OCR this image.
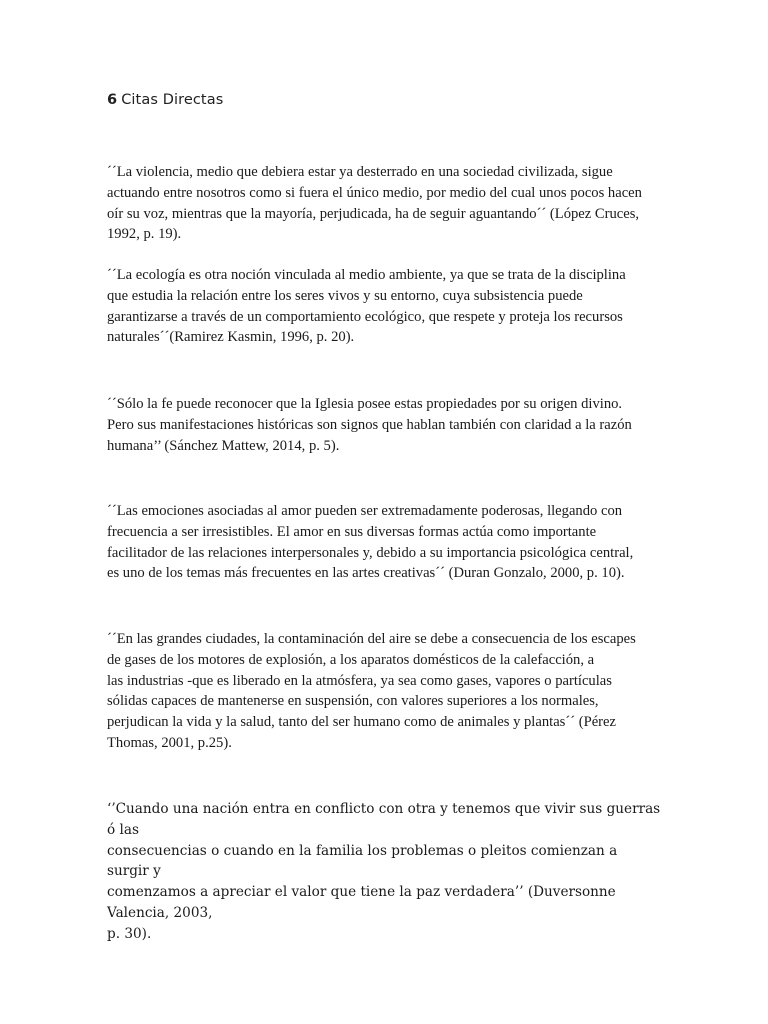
6 Citas Directas

´´La violencia, medio que debiera estar ya desterrado en una sociedad civilizada, sigue
actuando entre nosotros como si fuera el único medio, por medio del cual unos pocos hacen
oír su voz, mientras que la mayoría, perjudicada, ha de seguir aguantando´´ (López Cruces,
1992, p. 19).

´´La ecología es otra noción vinculada al medio ambiente, ya que se trata de la disciplina
que estudia la relación entre los seres vivos y su entorno, cuya subsistencia puede
garantizarse a través de un comportamiento ecológico, que respete y proteja los recursos
naturales´´(Ramirez Kasmin, 1996, p. 20).

´´Sólo la fe puede reconocer que la Iglesia posee estas propiedades por su origen divino.
Pero sus manifestaciones históricas son signos que hablan también con claridad a la razón
humana’’ (Sánchez Mattew, 2014, p. 5).

´´Las emociones asociadas al amor pueden ser extremadamente poderosas, llegando con
frecuencia a ser irresistibles. El amor en sus diversas formas actúa como importante
facilitador de las relaciones interpersonales y, debido a su importancia psicológica central,
es uno de los temas más frecuentes en las artes creativas´´ (Duran Gonzalo, 2000, p. 10).

´´En las grandes ciudades, la contaminación del aire se debe a consecuencia de los escapes
de gases de los motores de explosión, a los aparatos domésticos de la calefacción, a
las industrias -que es liberado en la atmósfera, ya sea como gases, vapores o partículas
sólidas capaces de mantenerse en suspensión, con valores superiores a los normales,
perjudican la vida y la salud, tanto del ser humano como de animales y plantas´´ (Pérez
Thomas, 2001, p.25).

‘’Cuando una nación entra en conflicto con otra y tenemos que vivir sus guerras ó las
consecuencias o cuando en la familia los problemas o pleitos comienzan a surgir y
comenzamos a apreciar el valor que tiene la paz verdadera’’ (Duversonne Valencia, 2003,
p. 30).
